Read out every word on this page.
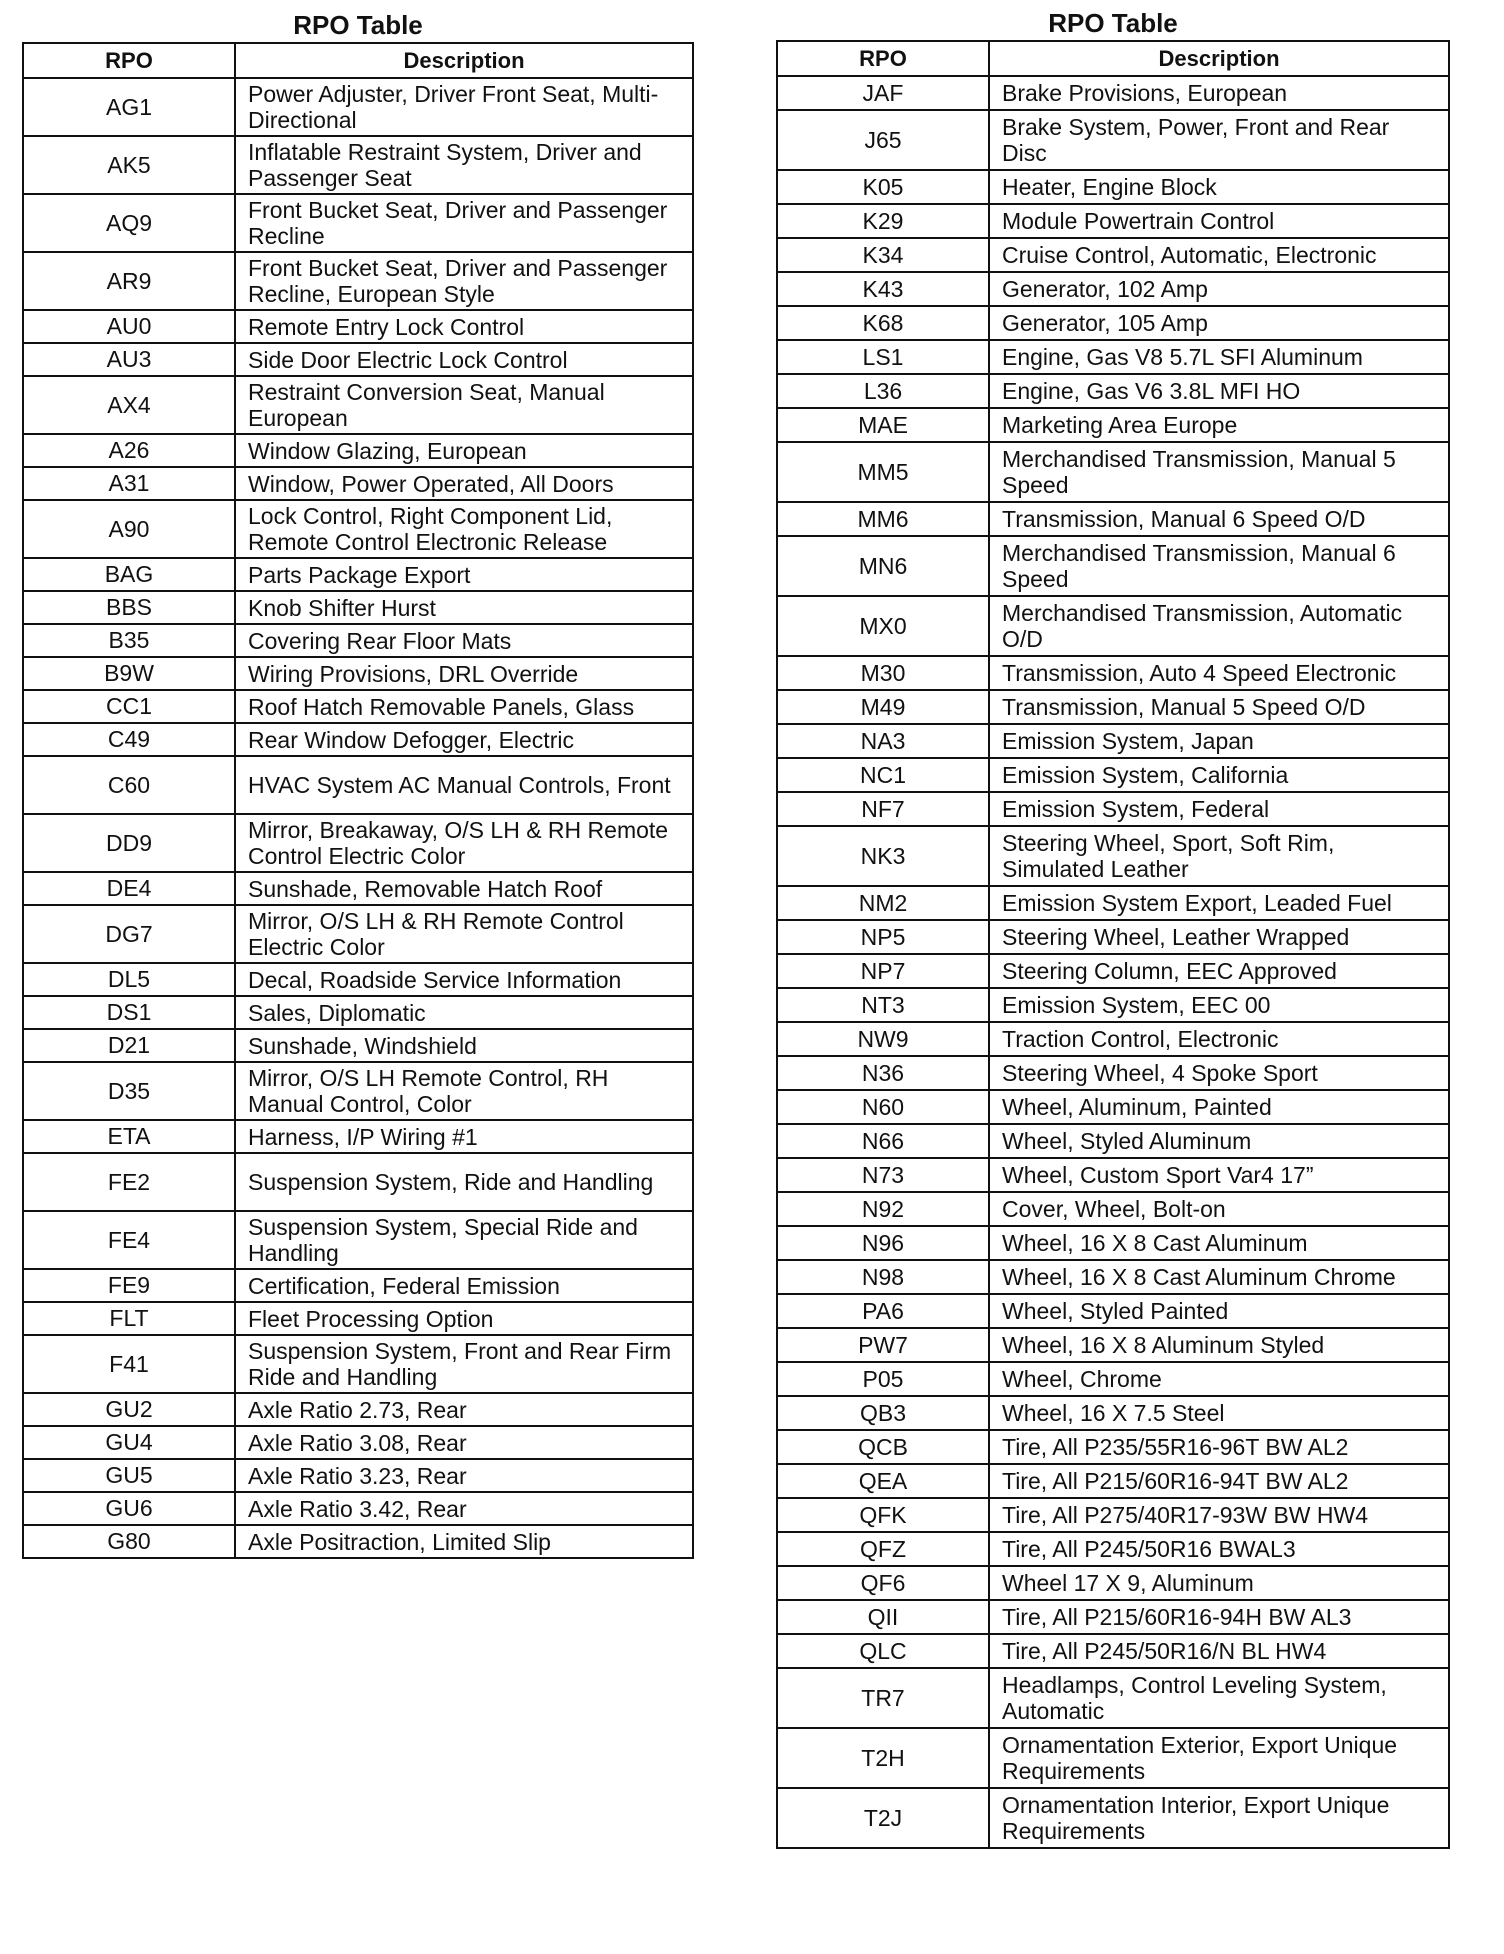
RPO Table
RPO	Description
AG1	Power Adjuster, Driver Front Seat, Multi-Directional
AK5	Inflatable Restraint System, Driver and Passenger Seat
AQ9	Front Bucket Seat, Driver and Passenger Recline
AR9	Front Bucket Seat, Driver and Passenger Recline, European Style
AU0	Remote Entry Lock Control
AU3	Side Door Electric Lock Control
AX4	Restraint Conversion Seat, Manual European
A26	Window Glazing, European
A31	Window, Power Operated, All Doors
A90	Lock Control, Right Component Lid, Remote Control Electronic Release
BAG	Parts Package Export
BBS	Knob Shifter Hurst
B35	Covering Rear Floor Mats
B9W	Wiring Provisions, DRL Override
CC1	Roof Hatch Removable Panels, Glass
C49	Rear Window Defogger, Electric
C60	HVAC System AC Manual Controls, Front
DD9	Mirror, Breakaway, O/S LH & RH Remote Control Electric Color
DE4	Sunshade, Removable Hatch Roof
DG7	Mirror, O/S LH & RH Remote Control Electric Color
DL5	Decal, Roadside Service Information
DS1	Sales, Diplomatic
D21	Sunshade, Windshield
D35	Mirror, O/S LH Remote Control, RH Manual Control, Color
ETA	Harness, I/P Wiring #1
FE2	Suspension System, Ride and Handling
FE4	Suspension System, Special Ride and Handling
FE9	Certification, Federal Emission
FLT	Fleet Processing Option
F41	Suspension System, Front and Rear Firm Ride and Handling
GU2	Axle Ratio 2.73, Rear
GU4	Axle Ratio 3.08, Rear
GU5	Axle Ratio 3.23, Rear
GU6	Axle Ratio 3.42, Rear
G80	Axle Positraction, Limited Slip
RPO Table
RPO	Description
JAF	Brake Provisions, European
J65	Brake System, Power, Front and Rear Disc
K05	Heater, Engine Block
K29	Module Powertrain Control
K34	Cruise Control, Automatic, Electronic
K43	Generator, 102 Amp
K68	Generator, 105 Amp
LS1	Engine, Gas V8 5.7L SFI Aluminum
L36	Engine, Gas V6 3.8L MFI HO
MAE	Marketing Area Europe
MM5	Merchandised Transmission, Manual 5 Speed
MM6	Transmission, Manual 6 Speed O/D
MN6	Merchandised Transmission, Manual 6 Speed
MX0	Merchandised Transmission, Automatic O/D
M30	Transmission, Auto 4 Speed Electronic
M49	Transmission, Manual 5 Speed O/D
NA3	Emission System, Japan
NC1	Emission System, California
NF7	Emission System, Federal
NK3	Steering Wheel, Sport, Soft Rim, Simulated Leather
NM2	Emission System Export, Leaded Fuel
NP5	Steering Wheel, Leather Wrapped
NP7	Steering Column, EEC Approved
NT3	Emission System, EEC 00
NW9	Traction Control, Electronic
N36	Steering Wheel, 4 Spoke Sport
N60	Wheel, Aluminum, Painted
N66	Wheel, Styled Aluminum
N73	Wheel, Custom Sport Var4 17”
N92	Cover, Wheel, Bolt-on
N96	Wheel, 16 X 8 Cast Aluminum
N98	Wheel, 16 X 8 Cast Aluminum Chrome
PA6	Wheel, Styled Painted
PW7	Wheel, 16 X 8 Aluminum Styled
P05	Wheel, Chrome
QB3	Wheel, 16 X 7.5 Steel
QCB	Tire, All P235/55R16-96T BW AL2
QEA	Tire, All P215/60R16-94T BW AL2
QFK	Tire, All P275/40R17-93W BW HW4
QFZ	Tire, All P245/50R16 BWAL3
QF6	Wheel 17 X 9, Aluminum
QII	Tire, All P215/60R16-94H BW AL3
QLC	Tire, All P245/50R16/N BL HW4
TR7	Headlamps, Control Leveling System, Automatic
T2H	Ornamentation Exterior, Export Unique Requirements
T2J	Ornamentation Interior, Export Unique Requirements
